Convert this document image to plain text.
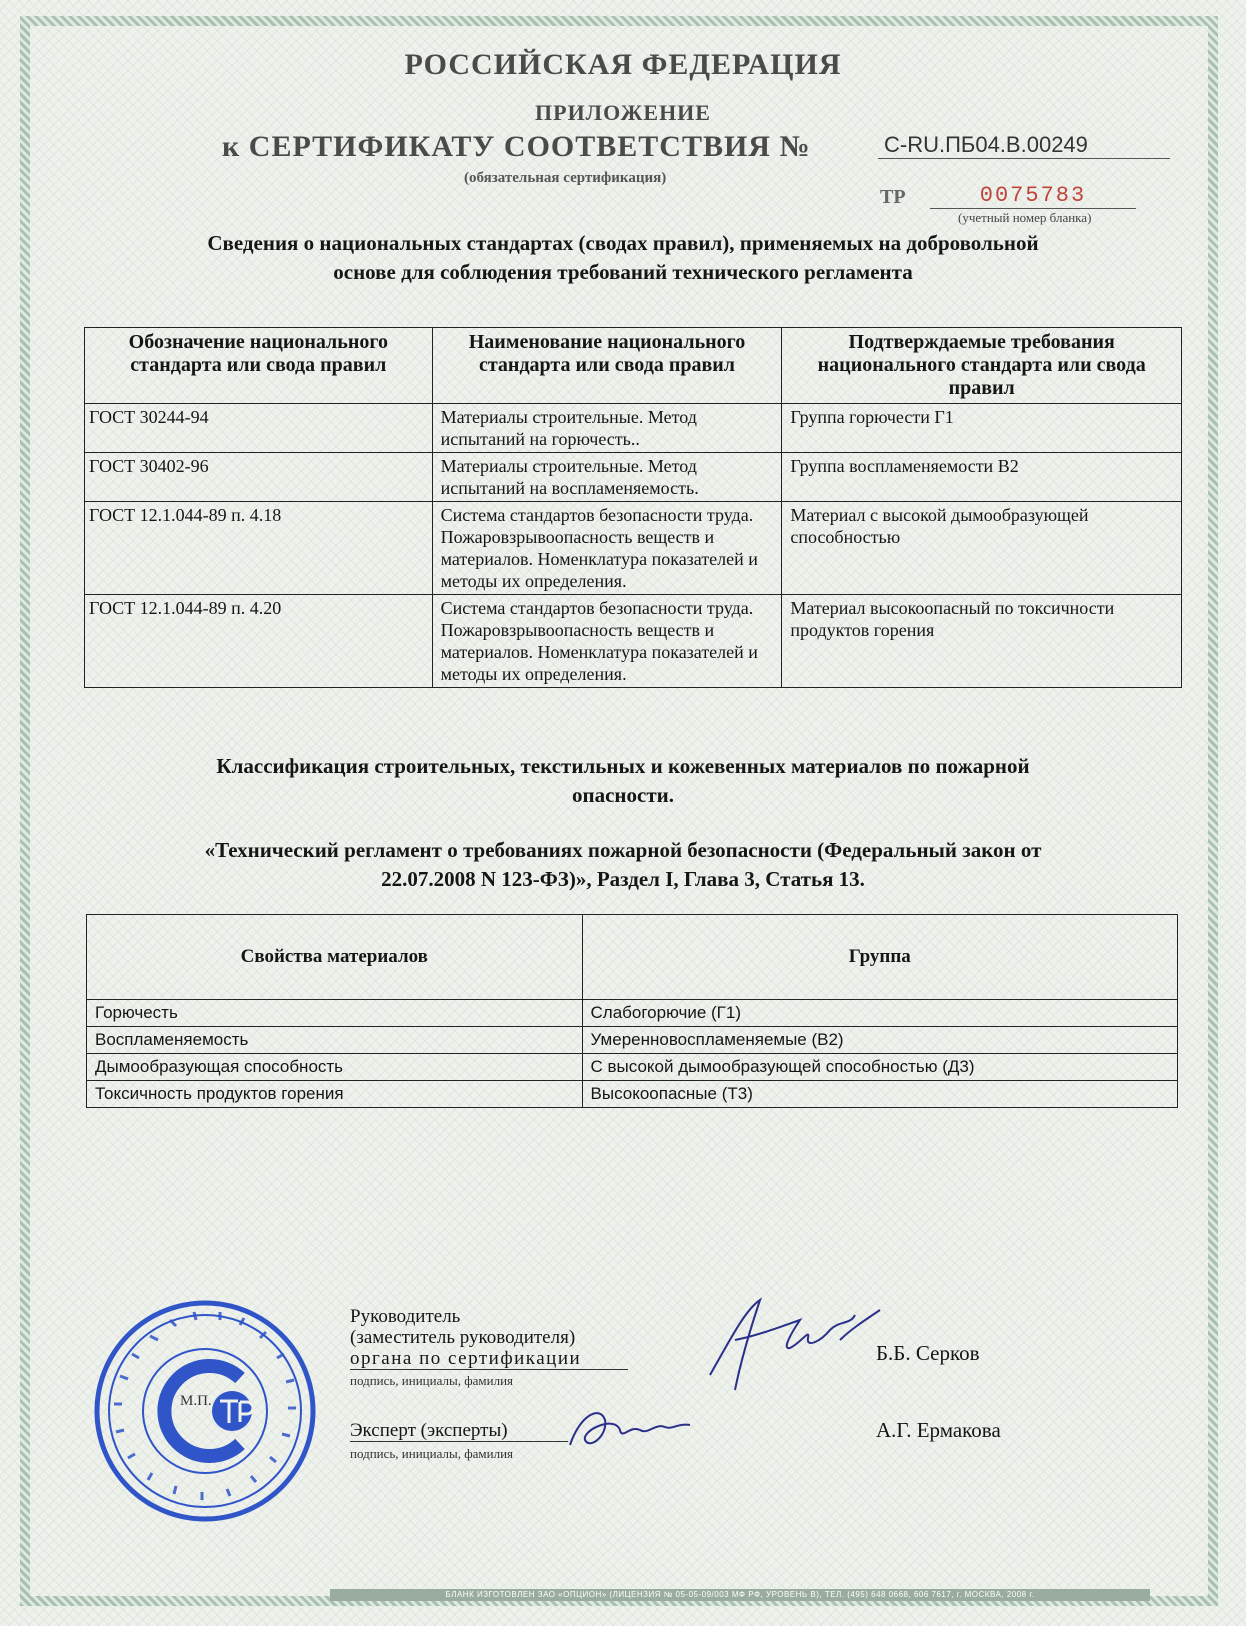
РОССИЙСКАЯ ФЕДЕРАЦИЯ
ПРИЛОЖЕНИЕ
к СЕРТИФИКАТУ СООТВЕТСТВИЯ №	C-RU.ПБ04.В.00249
(обязательная сертификация)
ТР	0075783
(учетный номер бланка)
Сведения о национальных стандартах (сводах правил), применяемых на добровольной
основе для соблюдения требований технического регламента
Обозначение национального стандарта или свода правил	Наименование национального стандарта или свода правил	Подтверждаемые требования национального стандарта или свода правил
ГОСТ 30244-94	Материалы строительные. Метод испытаний на горючесть..	Группа горючести Г1
ГОСТ 30402-96	Материалы строительные. Метод испытаний на воспламеняемость.	Группа воспламеняемости В2
ГОСТ 12.1.044-89 п. 4.18	Система стандартов безопасности труда. Пожаровзрывоопасность веществ и материалов. Номенклатура показателей и методы их определения.	Материал с высокой дымообразующей способностью
ГОСТ 12.1.044-89 п. 4.20	Система стандартов безопасности труда. Пожаровзрывоопасность веществ и материалов. Номенклатура показателей и методы их определения.	Материал высокоопасный по токсичности продуктов горения
Классификация строительных, текстильных и кожевенных материалов по пожарной
опасности.
«Технический регламент о требованиях пожарной безопасности (Федеральный закон от
22.07.2008 N 123-ФЗ)», Раздел I, Глава 3, Статья 13.
Свойства материалов	Группа
Горючесть	Слабогорючие (Г1)
Воспламеняемость	Умеренновоспламеняемые (В2)
Дымообразующая способность	С высокой дымообразующей способностью (Д3)
Токсичность продуктов горения	Высокоопасные (Т3)
Руководитель
(заместитель руководителя)
органа по сертификации
подпись, инициалы, фамилия
Б.Б. Серков
Эксперт (эксперты)
подпись, инициалы, фамилия
А.Г. Ермакова
М.П.
БЛАНК ИЗГОТОВЛЕН ЗАО «ОПЦИОН» (ЛИЦЕНЗИЯ № 05-05-09/003 МФ РФ, УРОВЕНЬ В), ТЕЛ. (495) 648 0668, 606 7617, г. МОСКВА, 2008 г.
